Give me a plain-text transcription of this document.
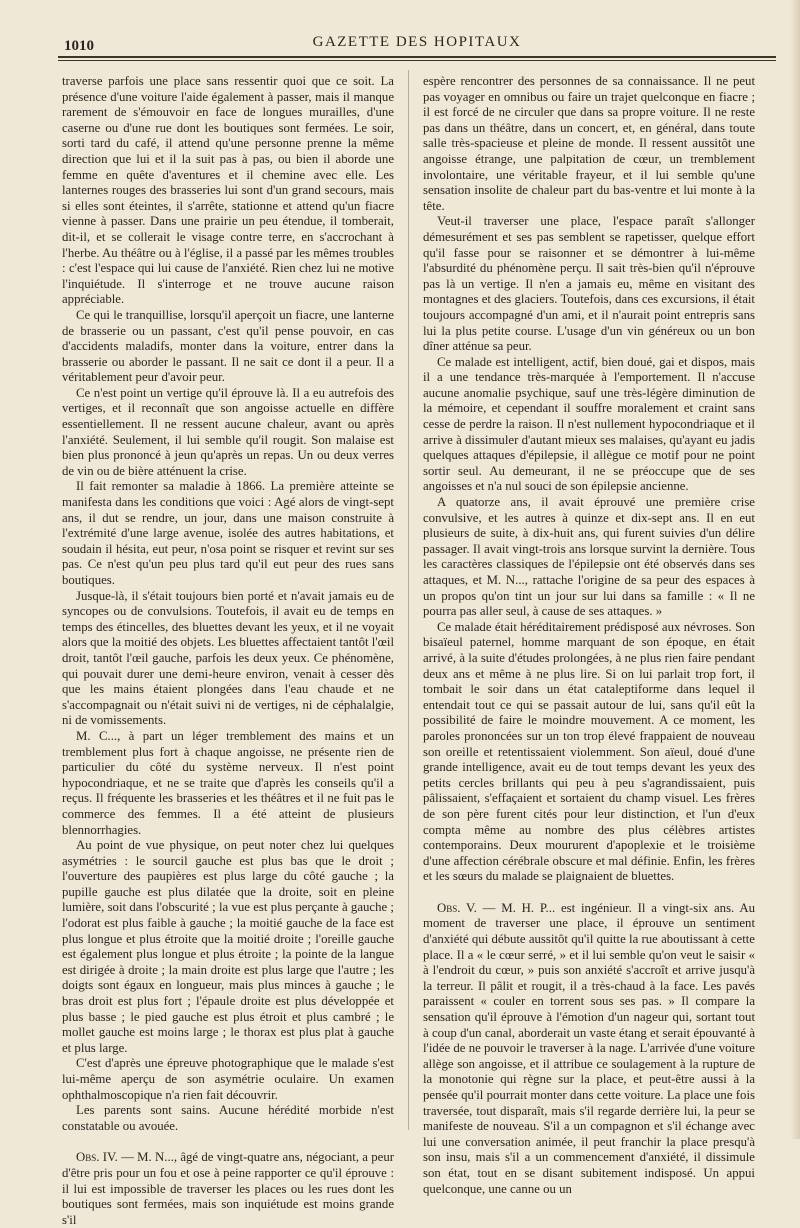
1010	GAZETTE DES HOPITAUX

traverse parfois une place sans ressentir quoi que ce soit. La présence d'une voiture l'aide également à passer, mais il manque rarement de s'émouvoir en face de longues murailles, d'une caserne ou d'une rue dont les boutiques sont fermées. Le soir, sorti tard du café, il attend qu'une personne prenne la même direction que lui et il la suit pas à pas, ou bien il aborde une femme en quête d'aventures et il chemine avec elle. Les lanternes rouges des brasseries lui sont d'un grand secours, mais si elles sont éteintes, il s'arrête, stationne et attend qu'un fiacre vienne à passer. Dans une prairie un peu étendue, il tomberait, dit-il, et se collerait le visage contre terre, en s'accrochant à l'herbe. Au théâtre ou à l'église, il a passé par les mêmes troubles : c'est l'espace qui lui cause de l'anxiété. Rien chez lui ne motive l'inquiétude. Il s'interroge et ne trouve aucune raison appréciable.

Ce qui le tranquillise, lorsqu'il aperçoit un fiacre, une lanterne de brasserie ou un passant, c'est qu'il pense pouvoir, en cas d'accidents maladifs, monter dans la voiture, entrer dans la brasserie ou aborder le passant. Il ne sait ce dont il a peur. Il a véritablement peur d'avoir peur.

Ce n'est point un vertige qu'il éprouve là. Il a eu autrefois des vertiges, et il reconnaît que son angoisse actuelle en diffère essentiellement. Il ne ressent aucune chaleur, avant ou après l'anxiété. Seulement, il lui semble qu'il rougit. Son malaise est bien plus prononcé à jeun qu'après un repas. Un ou deux verres de vin ou de bière atténuent la crise.

Il fait remonter sa maladie à 1866. La première atteinte se manifesta dans les conditions que voici : Agé alors de vingt-sept ans, il dut se rendre, un jour, dans une maison construite à l'extrémité d'une large avenue, isolée des autres habitations, et soudain il hésita, eut peur, n'osa point se risquer et revint sur ses pas. Ce n'est qu'un peu plus tard qu'il eut peur des rues sans boutiques.

Jusque-là, il s'était toujours bien porté et n'avait jamais eu de syncopes ou de convulsions. Toutefois, il avait eu de temps en temps des étincelles, des bluettes devant les yeux, et il ne voyait alors que la moitié des objets. Les bluettes affectaient tantôt l'œil droit, tantôt l'œil gauche, parfois les deux yeux. Ce phénomène, qui pouvait durer une demi-heure environ, venait à cesser dès que les mains étaient plongées dans l'eau chaude et ne s'accompagnait ou n'était suivi ni de vertiges, ni de céphalalgie, ni de vomissements.

M. C..., à part un léger tremblement des mains et un tremblement plus fort à chaque angoisse, ne présente rien de particulier du côté du système nerveux. Il n'est point hypocondriaque, et ne se traite que d'après les conseils qu'il a reçus. Il fréquente les brasseries et les théâtres et il ne fuit pas le commerce des femmes. Il a été atteint de plusieurs blennorrhagies.

Au point de vue physique, on peut noter chez lui quelques asymétries : le sourcil gauche est plus bas que le droit ; l'ouverture des paupières est plus large du côté gauche ; la pupille gauche est plus dilatée que la droite, soit en pleine lumière, soit dans l'obscurité ; la vue est plus perçante à gauche ; l'odorat est plus faible à gauche ; la moitié gauche de la face est plus longue et plus étroite que la moitié droite ; l'oreille gauche est également plus longue et plus étroite ; la pointe de la langue est dirigée à droite ; la main droite est plus large que l'autre ; les doigts sont égaux en longueur, mais plus minces à gauche ; le bras droit est plus fort ; l'épaule droite est plus développée et plus basse ; le pied gauche est plus étroit et plus cambré ; le mollet gauche est moins large ; le thorax est plus plat à gauche et plus large.

C'est d'après une épreuve photographique que le malade s'est lui-même aperçu de son asymétrie oculaire. Un examen ophthalmoscopique n'a rien fait découvrir.

Les parents sont sains. Aucune hérédité morbide n'est constatable ou avouée.

Obs. IV. — M. N..., âgé de vingt-quatre ans, négociant, a peur d'être pris pour un fou et ose à peine rapporter ce qu'il éprouve : il lui est impossible de traverser les places ou les rues dont les boutiques sont fermées, mais son inquiétude est moins grande s'il

espère rencontrer des personnes de sa connaissance. Il ne peut pas voyager en omnibus ou faire un trajet quelconque en fiacre ; il est forcé de ne circuler que dans sa propre voiture. Il ne reste pas dans un théâtre, dans un concert, et, en général, dans toute salle très-spacieuse et pleine de monde. Il ressent aussitôt une angoisse étrange, une palpitation de cœur, un tremblement involontaire, une véritable frayeur, et il lui semble qu'une sensation insolite de chaleur part du bas-ventre et lui monte à la tête.

Veut-il traverser une place, l'espace paraît s'allonger démesurément et ses pas semblent se rapetisser, quelque effort qu'il fasse pour se raisonner et se démontrer à lui-même l'absurdité du phénomène perçu. Il sait très-bien qu'il n'éprouve pas là un vertige. Il n'en a jamais eu, même en visitant des montagnes et des glaciers. Toutefois, dans ces excursions, il était toujours accompagné d'un ami, et il n'aurait point entrepris sans lui la plus petite course. L'usage d'un vin généreux ou un bon dîner atténue sa peur.

Ce malade est intelligent, actif, bien doué, gai et dispos, mais il a une tendance très-marquée à l'emportement. Il n'accuse aucune anomalie psychique, sauf une très-légère diminution de la mémoire, et cependant il souffre moralement et craint sans cesse de perdre la raison. Il n'est nullement hypocondriaque et il arrive à dissimuler d'autant mieux ses malaises, qu'ayant eu jadis quelques attaques d'épilepsie, il allègue ce motif pour ne point sortir seul. Au demeurant, il ne se préoccupe que de ses angoisses et n'a nul souci de son épilepsie ancienne.

A quatorze ans, il avait éprouvé une première crise convulsive, et les autres à quinze et dix-sept ans. Il en eut plusieurs de suite, à dix-huit ans, qui furent suivies d'un délire passager. Il avait vingt-trois ans lorsque survint la dernière. Tous les caractères classiques de l'épilepsie ont été observés dans ses attaques, et M. N..., rattache l'origine de sa peur des espaces à un propos qu'on tint un jour sur lui dans sa famille : « Il ne pourra pas aller seul, à cause de ses attaques. »

Ce malade était héréditairement prédisposé aux névroses. Son bisaïeul paternel, homme marquant de son époque, en était arrivé, à la suite d'études prolongées, à ne plus rien faire pendant deux ans et même à ne plus lire. Si on lui parlait trop fort, il tombait le soir dans un état cataleptiforme dans lequel il entendait tout ce qui se passait autour de lui, sans qu'il eût la possibilité de faire le moindre mouvement. A ce moment, les paroles prononcées sur un ton trop élevé frappaient de nouveau son oreille et retentissaient violemment. Son aïeul, doué d'une grande intelligence, avait eu de tout temps devant les yeux des petits cercles brillants qui peu à peu s'agrandissaient, puis pâlissaient, s'effaçaient et sortaient du champ visuel. Les frères de son père furent cités pour leur distinction, et l'un d'eux compta même au nombre des plus célèbres artistes contemporains. Deux moururent d'apoplexie et le troisième d'une affection cérébrale obscure et mal définie. Enfin, les frères et les sœurs du malade se plaignaient de bluettes.

Obs. V. — M. H. P... est ingénieur. Il a vingt-six ans. Au moment de traverser une place, il éprouve un sentiment d'anxiété qui débute aussitôt qu'il quitte la rue aboutissant à cette place. Il a « le cœur serré, » et il lui semble qu'on veut le saisir « à l'endroit du cœur, » puis son anxiété s'accroît et arrive jusqu'à la terreur. Il pâlit et rougit, il a très-chaud à la face. Les pavés paraissent « couler en torrent sous ses pas. » Il compare la sensation qu'il éprouve à l'émotion d'un nageur qui, sortant tout à coup d'un canal, aborderait un vaste étang et serait épouvanté à l'idée de ne pouvoir le traverser à la nage. L'arrivée d'une voiture allège son angoisse, et il attribue ce soulagement à la rupture de la monotonie qui règne sur la place, et peut-être aussi à la pensée qu'il pourrait monter dans cette voiture. La place une fois traversée, tout disparaît, mais s'il regarde derrière lui, la peur se manifeste de nouveau. S'il a un compagnon et s'il échange avec lui une conversation animée, il peut franchir la place presqu'à son insu, mais s'il a un commencement d'anxiété, il dissimule son état, tout en se disant subitement indisposé. Un appui quelconque, une canne ou un
